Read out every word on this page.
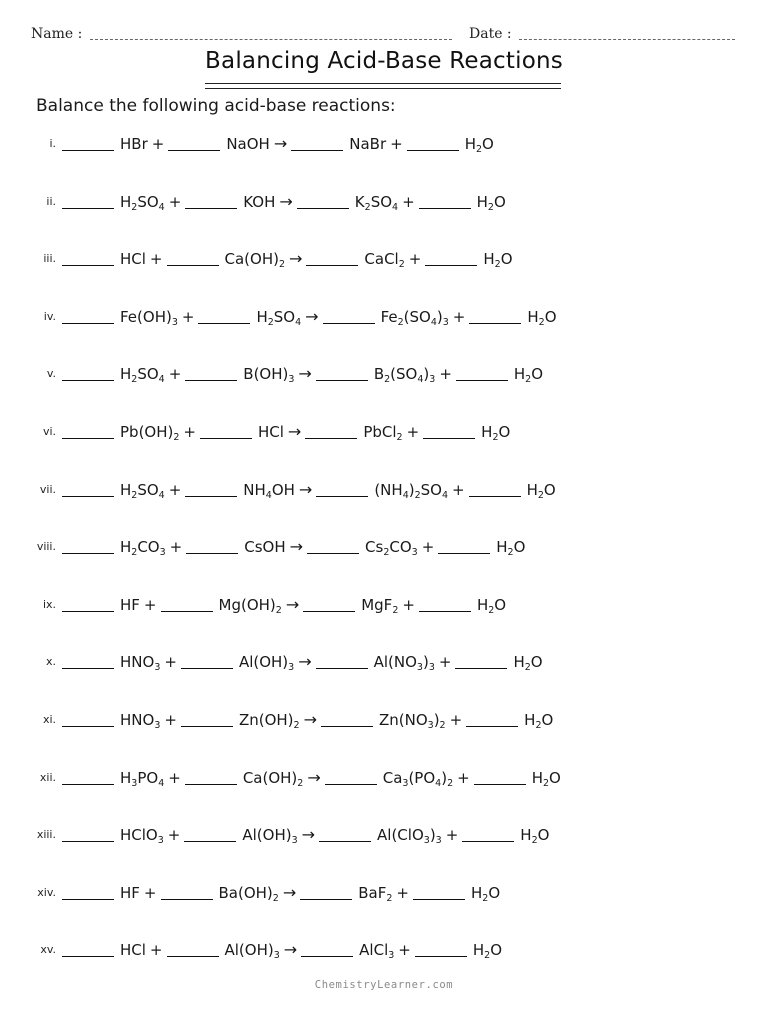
Name :	Date :
Balancing Acid-Base Reactions
Balance the following acid-base reactions:
i.	HBr +	NaOH →	NaBr +	$H_2O$
ii.	$H_2SO_4$ +	KOH →	$K_2SO_4$ +	$H_2O$
iii.	HCl +	$Ca(OH)_2$ →	CaCl$_2$ +	$H_2O$
iv.	$Fe(OH)_3$ +	$H_2SO_4$ →	$Fe_2(SO_4)_3$ +	$H_2O$
v.	$H_2SO_4$ +	$B(OH)_3$ →	$B_2(SO_4)_3$ +	$H_2O$
vi.	$Pb(OH)_2$ +	HCl →	PbCl$_2$ +	$H_2O$
vii.	$H_2SO_4$ +	$NH_4OH$ →	$(NH_4)_2SO_4$ +	$H_2O$
viii.	$H_2CO_3$ +	CsOH →	$Cs_2CO_3$ +	$H_2O$
ix.	HF +	$Mg(OH)_2$ →	MgF$_2$ +	$H_2O$
x.	$HNO_3$ +	$Al(OH)_3$ →	$Al(NO_3)_3$ +	$H_2O$
xi.	$HNO_3$ +	$Zn(OH)_2$ →	$Zn(NO_3)_2$ +	$H_2O$
xii.	$H_3PO_4$ +	$Ca(OH)_2$ →	$Ca_3(PO_4)_2$ +	$H_2O$
xiii.	HClO$_3$ +	$Al(OH)_3$ →	$Al(ClO_3)_3$ +	$H_2O$
xiv.	HF +	$Ba(OH)_2$ →	BaF$_2$ +	$H_2O$
xv.	HCl +	$Al(OH)_3$ →	AlCl$_3$ +	$H_2O$
ChemistryLearner.com
